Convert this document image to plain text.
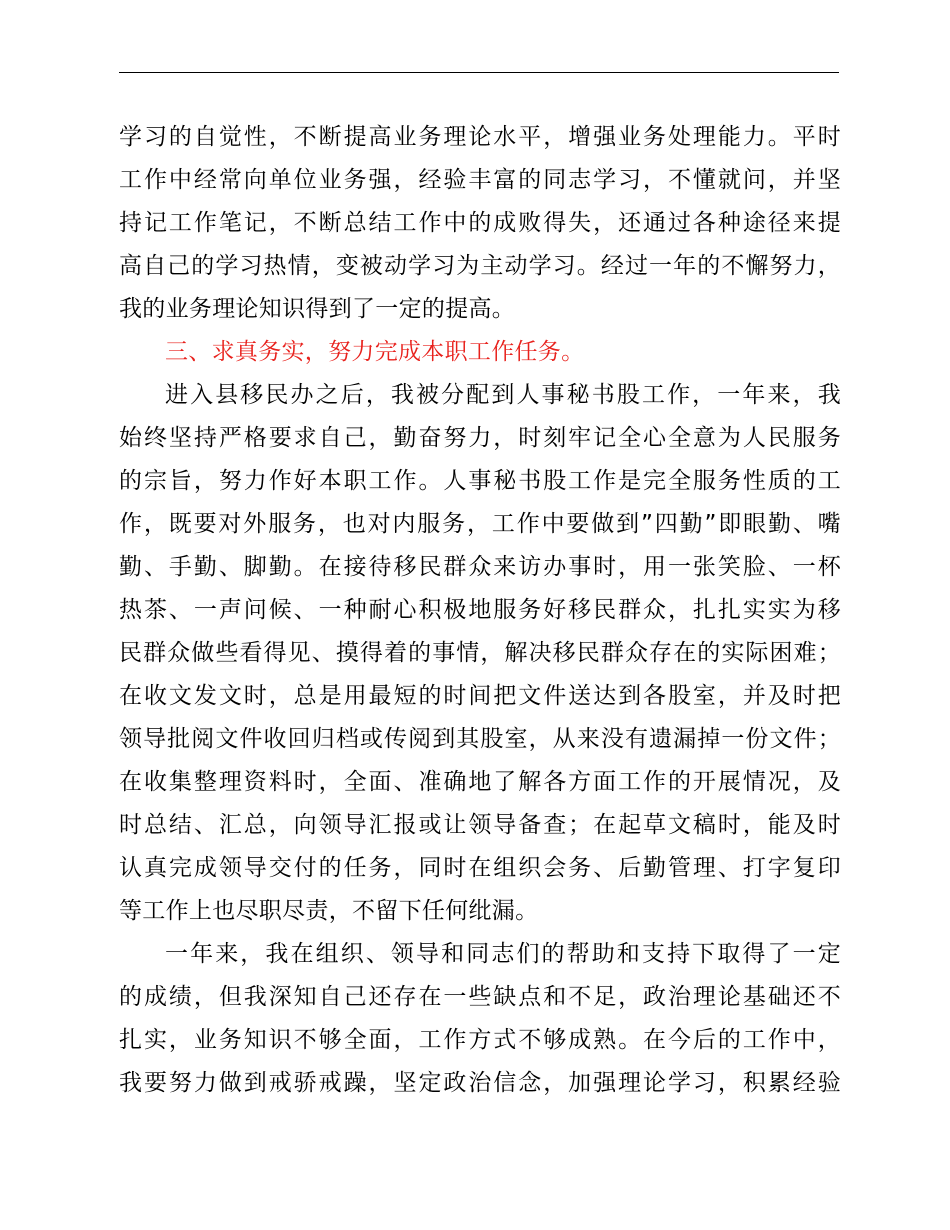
学习的自觉性，不断提高业务理论水平，增强业务处理能力。平时
工作中经常向单位业务强，经验丰富的同志学习，不懂就问，并坚
持记工作笔记，不断总结工作中的成败得失，还通过各种途径来提
高自己的学习热情，变被动学习为主动学习。经过一年的不懈努力，
我的业务理论知识得到了一定的提高。
三、求真务实，努力完成本职工作任务。
进入县移民办之后，我被分配到人事秘书股工作，一年来，我
始终坚持严格要求自己，勤奋努力，时刻牢记全心全意为人民服务
的宗旨，努力作好本职工作。人事秘书股工作是完全服务性质的工
作，既要对外服务，也对内服务，工作中要做到”四勤”即眼勤、嘴
勤、手勤、脚勤。在接待移民群众来访办事时，用一张笑脸、一杯
热茶、一声问候、一种耐心积极地服务好移民群众，扎扎实实为移
民群众做些看得见、摸得着的事情，解决移民群众存在的实际困难；
在收文发文时，总是用最短的时间把文件送达到各股室，并及时把
领导批阅文件收回归档或传阅到其股室，从来没有遗漏掉一份文件；
在收集整理资料时，全面、准确地了解各方面工作的开展情况，及
时总结、汇总，向领导汇报或让领导备查；在起草文稿时，能及时
认真完成领导交付的任务，同时在组织会务、后勤管理、打字复印
等工作上也尽职尽责，不留下任何纰漏。
一年来，我在组织、领导和同志们的帮助和支持下取得了一定
的成绩，但我深知自己还存在一些缺点和不足，政治理论基础还不
扎实，业务知识不够全面，工作方式不够成熟。在今后的工作中，
我要努力做到戒骄戒躁，坚定政治信念，加强理论学习，积累经验
